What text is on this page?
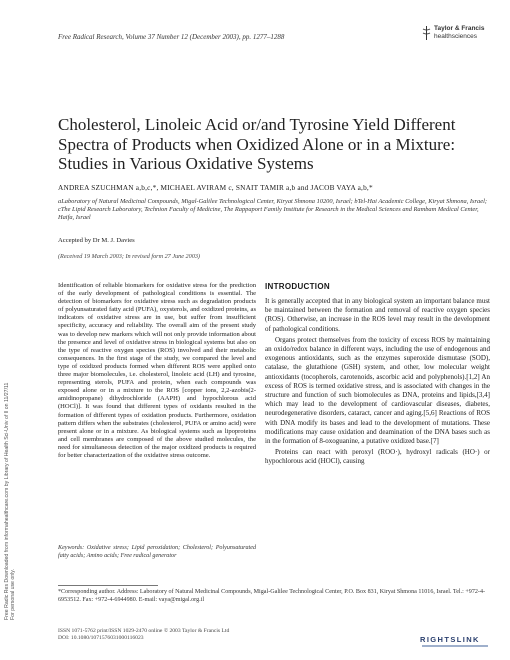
Free Radical Research, Volume 37 Number 12 (December 2003), pp. 1277–1288
Taylor & Francis
healthsciences
Cholesterol, Linoleic Acid or/and Tyrosine Yield Different Spectra of Products when Oxidized Alone or in a Mixture: Studies in Various Oxidative Systems
ANDREA SZUCHMAN a,b,c,*, MICHAEL AVIRAM c, SNAIT TAMIR a,b and JACOB VAYA a,b,*
aLaboratory of Natural Medicinal Compounds, Migal-Galilee Technological Center, Kiryat Shmona 10200, Israel; bTel-Hai Academic College, Kiryat Shmona, Israel; cThe Lipid Research Laboratory, Technion Faculty of Medicine, The Rappaport Family Institute for Research in the Medical Sciences and Rambam Medical Center, Haifa, Israel
Accepted by Dr M. J. Davies
(Received 19 March 2003; In revised form 27 June 2003)
Identification of reliable biomarkers for oxidative stress for the prediction of the early development of pathological conditions is essential. The detection of biomarkers for oxidative stress such as degradation products of polyunsaturated fatty acid (PUFA), oxysterols, and oxidized proteins, as indicators of oxidative stress are in use, but suffer from insufficient specificity, accuracy and reliability. The overall aim of the present study was to develop new markers which will not only provide information about the presence and level of oxidative stress in biological systems but also on the type of reactive oxygen species (ROS) involved and their metabolic consequences. In the first stage of the study, we compared the level and type of oxidized products formed when different ROS were applied onto three major biomolecules, i.e. cholesterol, linoleic acid (LH) and tyrosine, representing sterols, PUFA and protein, when each compounds was exposed alone or in a mixture to the ROS [copper ions, 2,2-azobis(2-amidinopropane) dihydrochloride (AAPH) and hypochlorous acid (HOCl)]. It was found that different types of oxidants resulted in the formation of different types of oxidation products. Furthermore, oxidation pattern differs when the substrates (cholesterol, PUFA or amino acid) were present alone or in a mixture. As biological systems such as lipoproteins and cell membranes are composed of the above studied molecules, the need for simultaneous detection of the major oxidized products is required for better characterization of the oxidative stress outcome.
Keywords: Oxidative stress; Lipid peroxidation; Cholesterol; Polyunsaturated fatty acids; Amino acids; Free radical generator
INTRODUCTION

It is generally accepted that in any biological system an important balance must be maintained between the formation and removal of reactive oxygen species (ROS). Otherwise, an increase in the ROS level may result in the development of pathological conditions.

Organs protect themselves from the toxicity of excess ROS by maintaining an oxido/redox balance in different ways, including the use of endogenous and exogenous antioxidants, such as the enzymes superoxide dismutase (SOD), catalase, the glutathione (GSH) system, and other, low molecular weight antioxidants (tocopherols, carotenoids, ascorbic acid and polyphenols).[1,2] An excess of ROS is termed oxidative stress, and is associated with changes in the structure and function of such biomolecules as DNA, proteins and lipids,[3,4] which may lead to the development of cardiovascular diseases, diabetes, neurodegenerative disorders, cataract, cancer and aging.[5,6] Reactions of ROS with DNA modify its bases and lead to the development of mutations. These modifications may cause oxidation and deamination of the DNA bases such as in the formation of 8-oxoguanine, a putative oxidized base.[7]

Proteins can react with peroxyl (ROO·), hydroxyl radicals (HO·) or hypochlorous acid (HOCl), causing

*Corresponding author. Address: Laboratory of Natural Medicinal Compounds, Migal-Galilee Technological Center, P.O. Box 831, Kiryat Shmona 11016, Israel. Tel.: +972-4-6953512. Fax: +972-4-6944980. E-mail: vaya@migal.org.il
ISSN 1071-5762 print/ISSN 1029-2470 online © 2003 Taylor & Francis Ltd
DOI: 10.1080/1071576031000116023	RIGHTSLINK
Free Radic Res Downloaded from informahealthcare.com by Library of Health Sci-Univ of Il on 11/27/11 For personal use only.
